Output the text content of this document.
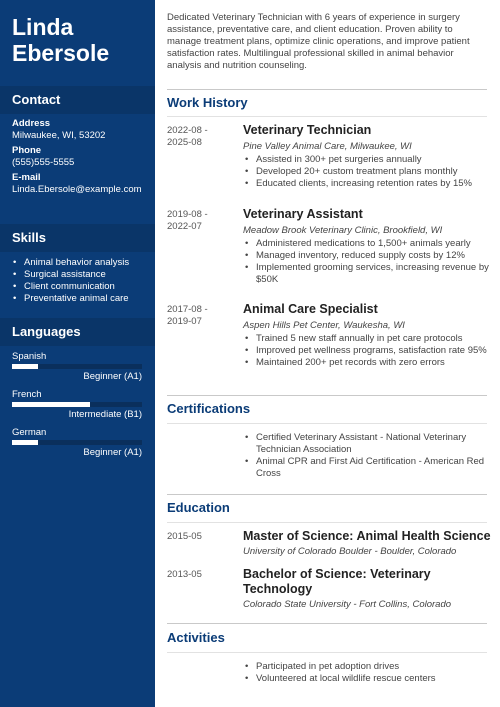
Linda Ebersole
Contact
Address
Milwaukee, WI, 53202
Phone
(555)555-5555
E-mail
Linda.Ebersole@example.com
Skills
• Animal behavior analysis
• Surgical assistance
• Client communication
• Preventative animal care
Languages
Spanish
Beginner (A1)
French
Intermediate (B1)
German
Beginner (A1)
Dedicated Veterinary Technician with 6 years of experience in surgery assistance, preventative care, and client education. Proven ability to manage treatment plans, optimize clinic operations, and improve patient satisfaction rates. Multilingual professional skilled in animal behavior analysis and nutrition counseling.
Work History
2022-08 -
2025-08
Veterinary Technician
Pine Valley Animal Care, Milwaukee, WI
• Assisted in 300+ pet surgeries annually
• Developed 20+ custom treatment plans monthly
• Educated clients, increasing retention rates by 15%
2019-08 -
2022-07
Veterinary Assistant
Meadow Brook Veterinary Clinic, Brookfield, WI
• Administered medications to 1,500+ animals yearly
• Managed inventory, reduced supply costs by 12%
• Implemented grooming services, increasing revenue by $50K
2017-08 -
2019-07
Animal Care Specialist
Aspen Hills Pet Center, Waukesha, WI
• Trained 5 new staff annually in pet care protocols
• Improved pet wellness programs, satisfaction rate 95%
• Maintained 200+ pet records with zero errors
Certifications
• Certified Veterinary Assistant - National Veterinary Technician Association
• Animal CPR and First Aid Certification - American Red Cross
Education
2015-05	Master of Science: Animal Health Science
University of Colorado Boulder - Boulder, Colorado
2013-05	Bachelor of Science: Veterinary Technology
Colorado State University - Fort Collins, Colorado
Activities
• Participated in pet adoption drives
• Volunteered at local wildlife rescue centers
